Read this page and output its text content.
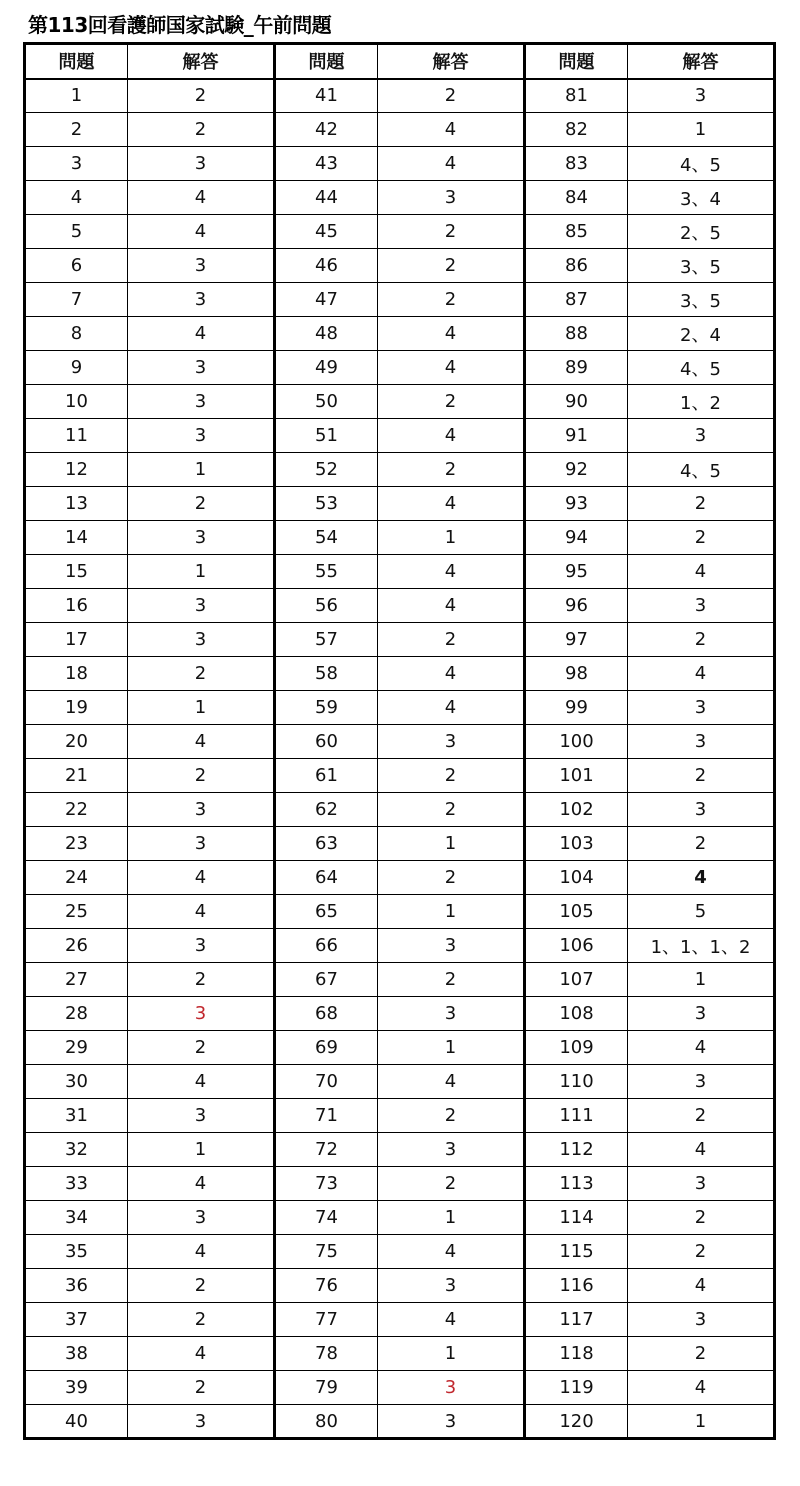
第113回看護師国家試験_午前問題
問題	解答	問題	解答	問題	解答
1	2	41	2	81	3
2	2	42	4	82	1
3	3	43	4	83	4、5
4	4	44	3	84	3、4
5	4	45	2	85	2、5
6	3	46	2	86	3、5
7	3	47	2	87	3、5
8	4	48	4	88	2、4
9	3	49	4	89	4、5
10	3	50	2	90	1、2
11	3	51	4	91	3
12	1	52	2	92	4、5
13	2	53	4	93	2
14	3	54	1	94	2
15	1	55	4	95	4
16	3	56	4	96	3
17	3	57	2	97	2
18	2	58	4	98	4
19	1	59	4	99	3
20	4	60	3	100	3
21	2	61	2	101	2
22	3	62	2	102	3
23	3	63	1	103	2
24	4	64	2	104	4
25	4	65	1	105	5
26	3	66	3	106	1、1、1、2
27	2	67	2	107	1
28	3	68	3	108	3
29	2	69	1	109	4
30	4	70	4	110	3
31	3	71	2	111	2
32	1	72	3	112	4
33	4	73	2	113	3
34	3	74	1	114	2
35	4	75	4	115	2
36	2	76	3	116	4
37	2	77	4	117	3
38	4	78	1	118	2
39	2	79	3	119	4
40	3	80	3	120	1
